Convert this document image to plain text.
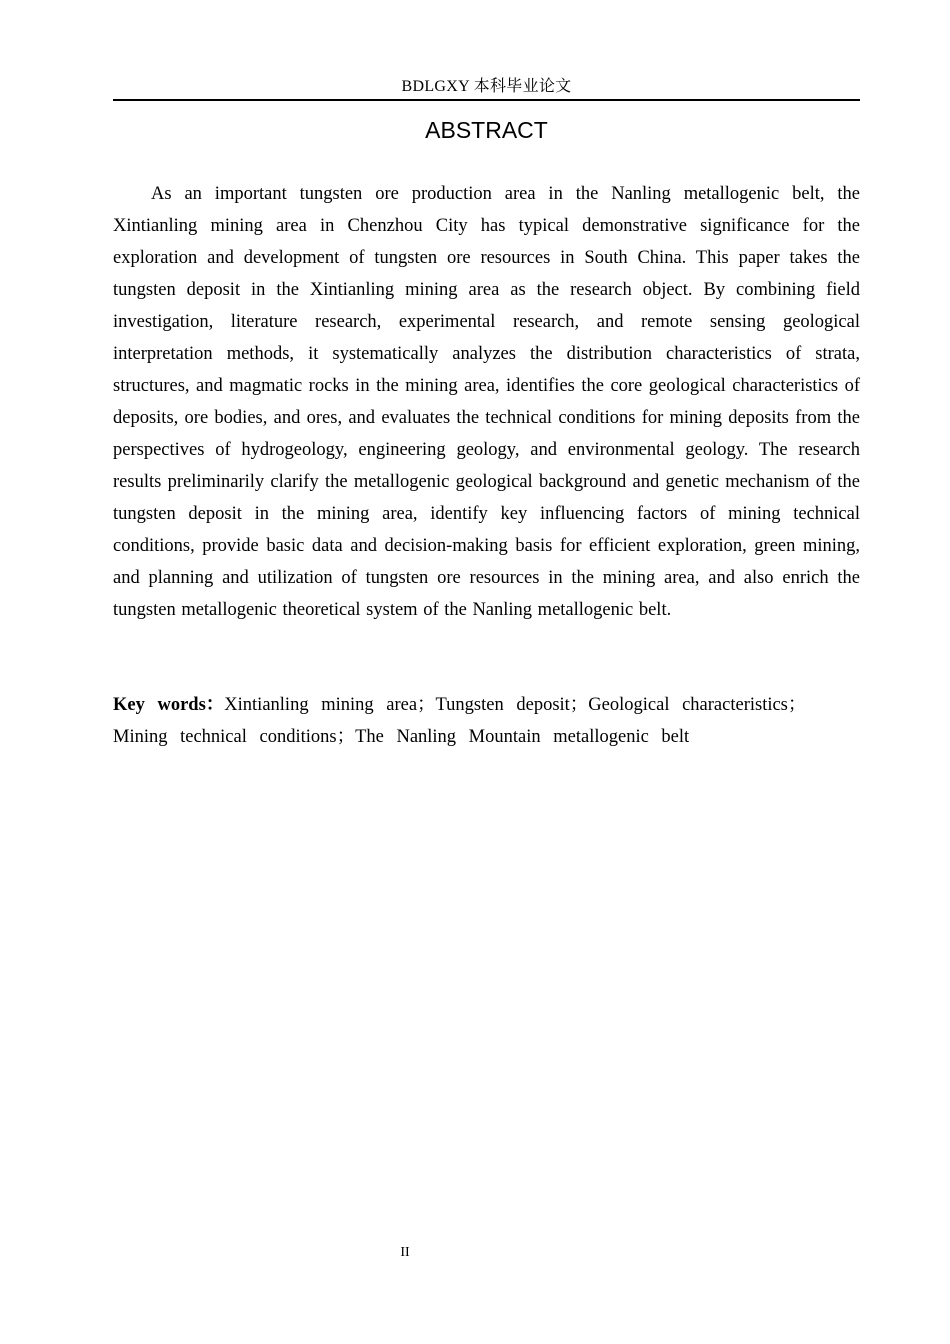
BDLGXY 本科毕业论文
ABSTRACT

As an important tungsten ore production area in the Nanling metallogenic belt, the Xintianling mining area in Chenzhou City has typical demonstrative significance for the exploration and development of tungsten ore resources in South China. This paper takes the tungsten deposit in the Xintianling mining area as the research object. By combining field investigation, literature research, experimental research, and remote sensing geological interpretation methods, it systematically analyzes the distribution characteristics of strata, structures, and magmatic rocks in the mining area, identifies the core geological characteristics of deposits, ore bodies, and ores, and evaluates the technical conditions for mining deposits from the perspectives of hydrogeology, engineering geology, and environmental geology. The research results preliminarily clarify the metallogenic geological background and genetic mechanism of the tungsten deposit in the mining area, identify key influencing factors of mining technical conditions, provide basic data and decision-making basis for efficient exploration, green mining, and planning and utilization of tungsten ore resources in the mining area, and also enrich the tungsten metallogenic theoretical system of the Nanling metallogenic belt.

Key words：Xintianling mining area；Tungsten deposit；Geological characteristics；Mining technical conditions；The Nanling Mountain metallogenic belt

II
